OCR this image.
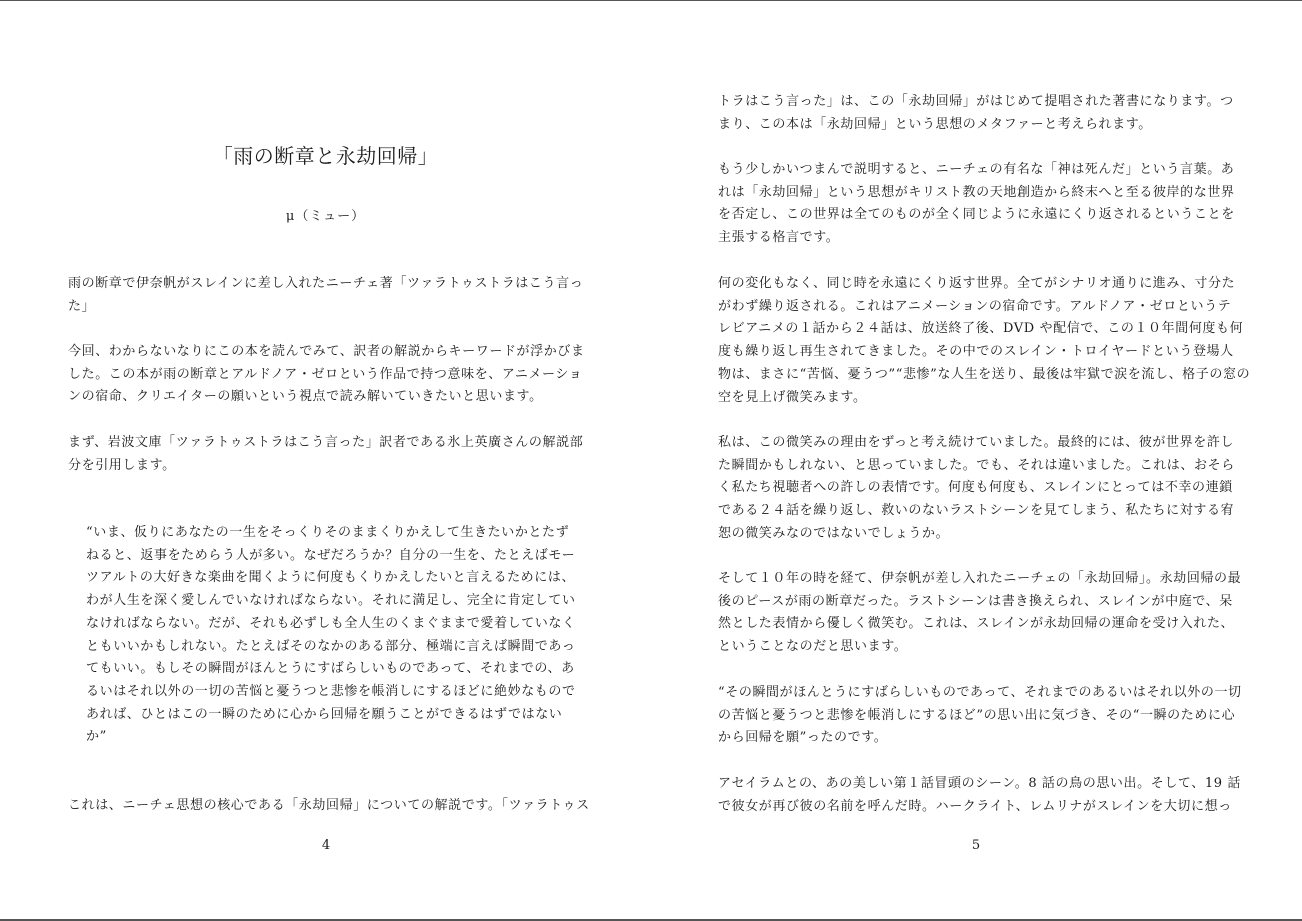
「雨の断章と永劫回帰」
μ（ミュー）
雨の断章で伊奈帆がスレインに差し入れたニーチェ著「ツァラトゥストラはこう言っ
た」
今回、わからないなりにこの本を読んでみて、訳者の解説からキーワードが浮かびま
した。この本が雨の断章とアルドノア・ゼロという作品で持つ意味を、アニメーショ
ンの宿命、クリエイターの願いという視点で読み解いていきたいと思います。
まず、岩波文庫「ツァラトゥストラはこう言った」訳者である氷上英廣さんの解説部
分を引用します。
“いま、仮りにあなたの一生をそっくりそのままくりかえして生きたいかとたず
ねると、返事をためらう人が多い。なぜだろうか？自分の一生を、たとえばモー
ツアルトの大好きな楽曲を聞くように何度もくりかえしたいと言えるためには、
わが人生を深く愛しんでいなければならない。それに満足し、完全に肯定してい
なければならない。だが、それも必ずしも全人生のくまぐままで愛着していなく
ともいいかもしれない。たとえばそのなかのある部分、極端に言えば瞬間であっ
てもいい。もしその瞬間がほんとうにすばらしいものであって、それまでの、あ
るいはそれ以外の一切の苦悩と憂うつと悲惨を帳消しにするほどに絶妙なもので
あれば、ひとはこの一瞬のために心から回帰を願うことができるはずではない
か”
これは、ニーチェ思想の核心である「永劫回帰」についての解説です。「ツァラトゥス
4
トラはこう言った」は、この「永劫回帰」がはじめて提唱された著書になります。つ
まり、この本は「永劫回帰」という思想のメタファーと考えられます。
もう少しかいつまんで説明すると、ニーチェの有名な「神は死んだ」という言葉。あ
れは「永劫回帰」という思想がキリスト教の天地創造から終末へと至る彼岸的な世界
を否定し、この世界は全てのものが全く同じように永遠にくり返されるということを
主張する格言です。
何の変化もなく、同じ時を永遠にくり返す世界。全てがシナリオ通りに進み、寸分た
がわず繰り返される。これはアニメーションの宿命です。アルドノア・ゼロというテ
レビアニメの１話から２４話は、放送終了後、DVD や配信で、この１０年間何度も何
度も繰り返し再生されてきました。その中でのスレイン・トロイヤードという登場人
物は、まさに“苦悩、憂うつ”“悲惨”な人生を送り、最後は牢獄で涙を流し、格子の窓の
空を見上げ微笑みます。
私は、この微笑みの理由をずっと考え続けていました。最終的には、彼が世界を許し
た瞬間かもしれない、と思っていました。でも、それは違いました。これは、おそら
く私たち視聴者への許しの表情です。何度も何度も、スレインにとっては不幸の連鎖
である２４話を繰り返し、救いのないラストシーンを見てしまう、私たちに対する宥
恕の微笑みなのではないでしょうか。
そして１０年の時を経て、伊奈帆が差し入れたニーチェの「永劫回帰」。永劫回帰の最
後のピースが雨の断章だった。ラストシーンは書き換えられ、スレインが中庭で、呆
然とした表情から優しく微笑む。これは、スレインが永劫回帰の運命を受け入れた、
ということなのだと思います。
“その瞬間がほんとうにすばらしいものであって、それまでのあるいはそれ以外の一切
の苦悩と憂うつと悲惨を帳消しにするほど”の思い出に気づき、その“一瞬のために心
から回帰を願”ったのです。
アセイラムとの、あの美しい第１話冒頭のシーン。8 話の鳥の思い出。そして、19 話
で彼女が再び彼の名前を呼んだ時。ハークライト、レムリナがスレインを大切に想っ
5
